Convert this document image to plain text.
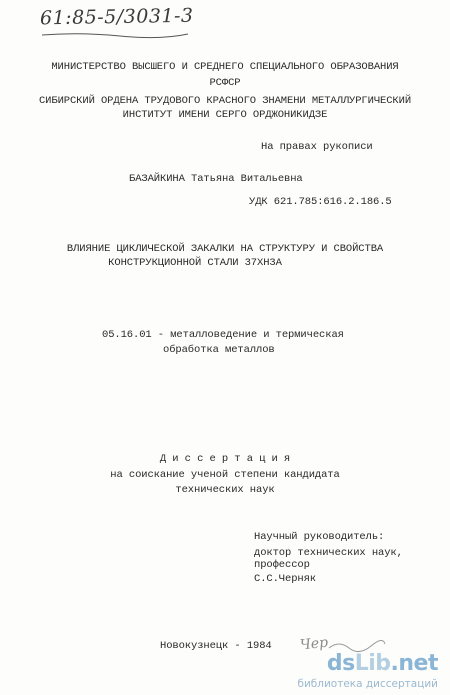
61:85-5/3031-3
МИНИСТЕРСТВО ВЫСШЕГО И СРЕДНЕГО СПЕЦИАЛЬНОГО ОБРАЗОВАНИЯ
РСФСР
СИБИРСКИЙ ОРДЕНА ТРУДОВОГО КРАСНОГО ЗНАМЕНИ МЕТАЛЛУРГИЧЕСКИЙ
ИНСТИТУТ ИМЕНИ СЕРГО ОРДЖОНИКИДЗЕ
На правах рукописи
БАЗАЙКИНА Татьяна Витальевна
УДК 621.785:616.2.186.5
ВЛИЯНИЕ ЦИКЛИЧЕСКОЙ ЗАКАЛКИ НА СТРУКТУРУ И СВОЙСТВА
КОНСТРУКЦИОННОЙ СТАЛИ 37ХН3А
05.16.01 - металловедение и термическая
обработка металлов
Д и с с е р т а ц и я
на соискание ученой степени кандидата
технических наук
Научный руководитель:
доктор технических наук,
профессор
С.С.Черняк
Новокузнецк - 1984 Чер
dsLib.net
библиотека диссертаций
